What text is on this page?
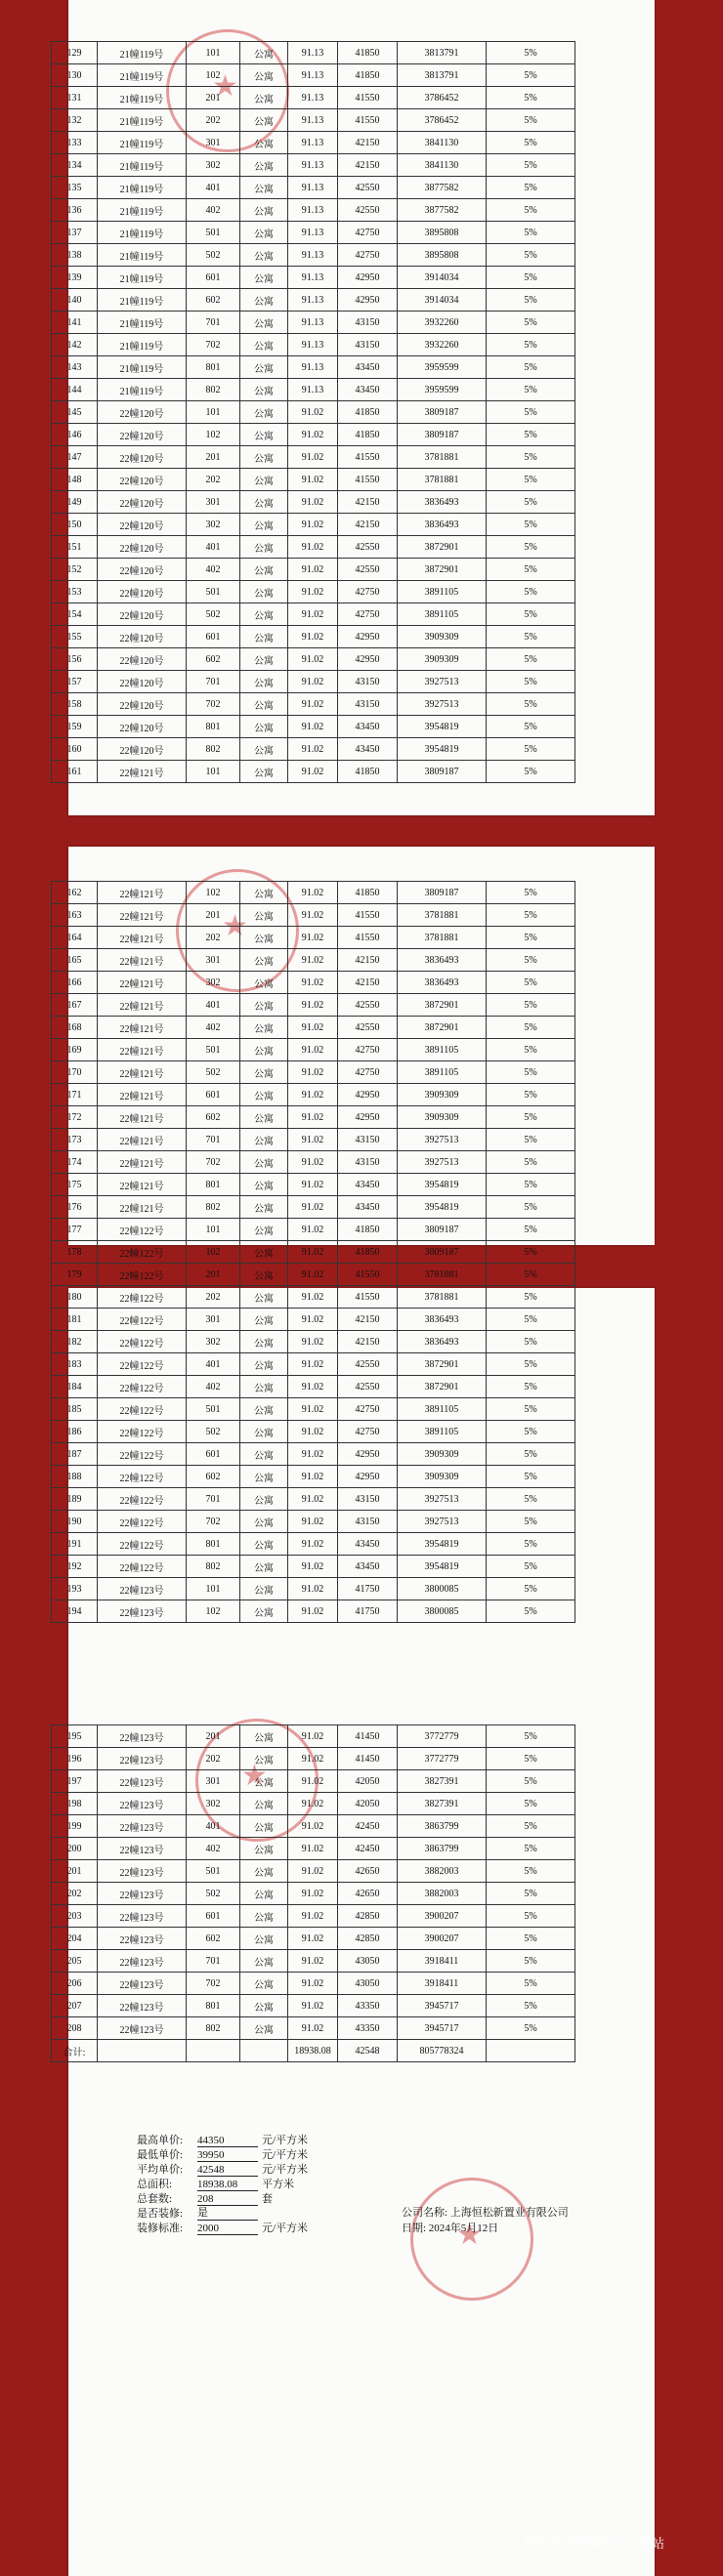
★
★
★
★
129	21幢119号	101	公寓	91.13	41850	3813791	5%
130	21幢119号	102	公寓	91.13	41850	3813791	5%
131	21幢119号	201	公寓	91.13	41550	3786452	5%
132	21幢119号	202	公寓	91.13	41550	3786452	5%
133	21幢119号	301	公寓	91.13	42150	3841130	5%
134	21幢119号	302	公寓	91.13	42150	3841130	5%
135	21幢119号	401	公寓	91.13	42550	3877582	5%
136	21幢119号	402	公寓	91.13	42550	3877582	5%
137	21幢119号	501	公寓	91.13	42750	3895808	5%
138	21幢119号	502	公寓	91.13	42750	3895808	5%
139	21幢119号	601	公寓	91.13	42950	3914034	5%
140	21幢119号	602	公寓	91.13	42950	3914034	5%
141	21幢119号	701	公寓	91.13	43150	3932260	5%
142	21幢119号	702	公寓	91.13	43150	3932260	5%
143	21幢119号	801	公寓	91.13	43450	3959599	5%
144	21幢119号	802	公寓	91.13	43450	3959599	5%
145	22幢120号	101	公寓	91.02	41850	3809187	5%
146	22幢120号	102	公寓	91.02	41850	3809187	5%
147	22幢120号	201	公寓	91.02	41550	3781881	5%
148	22幢120号	202	公寓	91.02	41550	3781881	5%
149	22幢120号	301	公寓	91.02	42150	3836493	5%
150	22幢120号	302	公寓	91.02	42150	3836493	5%
151	22幢120号	401	公寓	91.02	42550	3872901	5%
152	22幢120号	402	公寓	91.02	42550	3872901	5%
153	22幢120号	501	公寓	91.02	42750	3891105	5%
154	22幢120号	502	公寓	91.02	42750	3891105	5%
155	22幢120号	601	公寓	91.02	42950	3909309	5%
156	22幢120号	602	公寓	91.02	42950	3909309	5%
157	22幢120号	701	公寓	91.02	43150	3927513	5%
158	22幢120号	702	公寓	91.02	43150	3927513	5%
159	22幢120号	801	公寓	91.02	43450	3954819	5%
160	22幢120号	802	公寓	91.02	43450	3954819	5%
161	22幢121号	101	公寓	91.02	41850	3809187	5%
162	22幢121号	102	公寓	91.02	41850	3809187	5%
163	22幢121号	201	公寓	91.02	41550	3781881	5%
164	22幢121号	202	公寓	91.02	41550	3781881	5%
165	22幢121号	301	公寓	91.02	42150	3836493	5%
166	22幢121号	302	公寓	91.02	42150	3836493	5%
167	22幢121号	401	公寓	91.02	42550	3872901	5%
168	22幢121号	402	公寓	91.02	42550	3872901	5%
169	22幢121号	501	公寓	91.02	42750	3891105	5%
170	22幢121号	502	公寓	91.02	42750	3891105	5%
171	22幢121号	601	公寓	91.02	42950	3909309	5%
172	22幢121号	602	公寓	91.02	42950	3909309	5%
173	22幢121号	701	公寓	91.02	43150	3927513	5%
174	22幢121号	702	公寓	91.02	43150	3927513	5%
175	22幢121号	801	公寓	91.02	43450	3954819	5%
176	22幢121号	802	公寓	91.02	43450	3954819	5%
177	22幢122号	101	公寓	91.02	41850	3809187	5%
178	22幢122号	102	公寓	91.02	41850	3809187	5%
179	22幢122号	201	公寓	91.02	41550	3781881	5%
180	22幢122号	202	公寓	91.02	41550	3781881	5%
181	22幢122号	301	公寓	91.02	42150	3836493	5%
182	22幢122号	302	公寓	91.02	42150	3836493	5%
183	22幢122号	401	公寓	91.02	42550	3872901	5%
184	22幢122号	402	公寓	91.02	42550	3872901	5%
185	22幢122号	501	公寓	91.02	42750	3891105	5%
186	22幢122号	502	公寓	91.02	42750	3891105	5%
187	22幢122号	601	公寓	91.02	42950	3909309	5%
188	22幢122号	602	公寓	91.02	42950	3909309	5%
189	22幢122号	701	公寓	91.02	43150	3927513	5%
190	22幢122号	702	公寓	91.02	43150	3927513	5%
191	22幢122号	801	公寓	91.02	43450	3954819	5%
192	22幢122号	802	公寓	91.02	43450	3954819	5%
193	22幢123号	101	公寓	91.02	41750	3800085	5%
194	22幢123号	102	公寓	91.02	41750	3800085	5%
195	22幢123号	201	公寓	91.02	41450	3772779	5%
196	22幢123号	202	公寓	91.02	41450	3772779	5%
197	22幢123号	301	公寓	91.02	42050	3827391	5%
198	22幢123号	302	公寓	91.02	42050	3827391	5%
199	22幢123号	401	公寓	91.02	42450	3863799	5%
200	22幢123号	402	公寓	91.02	42450	3863799	5%
201	22幢123号	501	公寓	91.02	42650	3882003	5%
202	22幢123号	502	公寓	91.02	42650	3882003	5%
203	22幢123号	601	公寓	91.02	42850	3900207	5%
204	22幢123号	602	公寓	91.02	42850	3900207	5%
205	22幢123号	701	公寓	91.02	43050	3918411	5%
206	22幢123号	702	公寓	91.02	43050	3918411	5%
207	22幢123号	801	公寓	91.02	43350	3945717	5%
208	22幢123号	802	公寓	91.02	43350	3945717	5%
合计:				18938.08	42548	805778324	
最高单价:	44350	元/平方米
最低单价:	39950	元/平方米
平均单价:	42548	元/平方米
总面积:	18938.08	平方米
总套数:	208	套
是否装修:	是
装修标准:	2000	元/平方米
公司名称: 上海恒松新置业有限公司
日期: 2024年5月12日
搜狐号@搜狐焦点庐安站
